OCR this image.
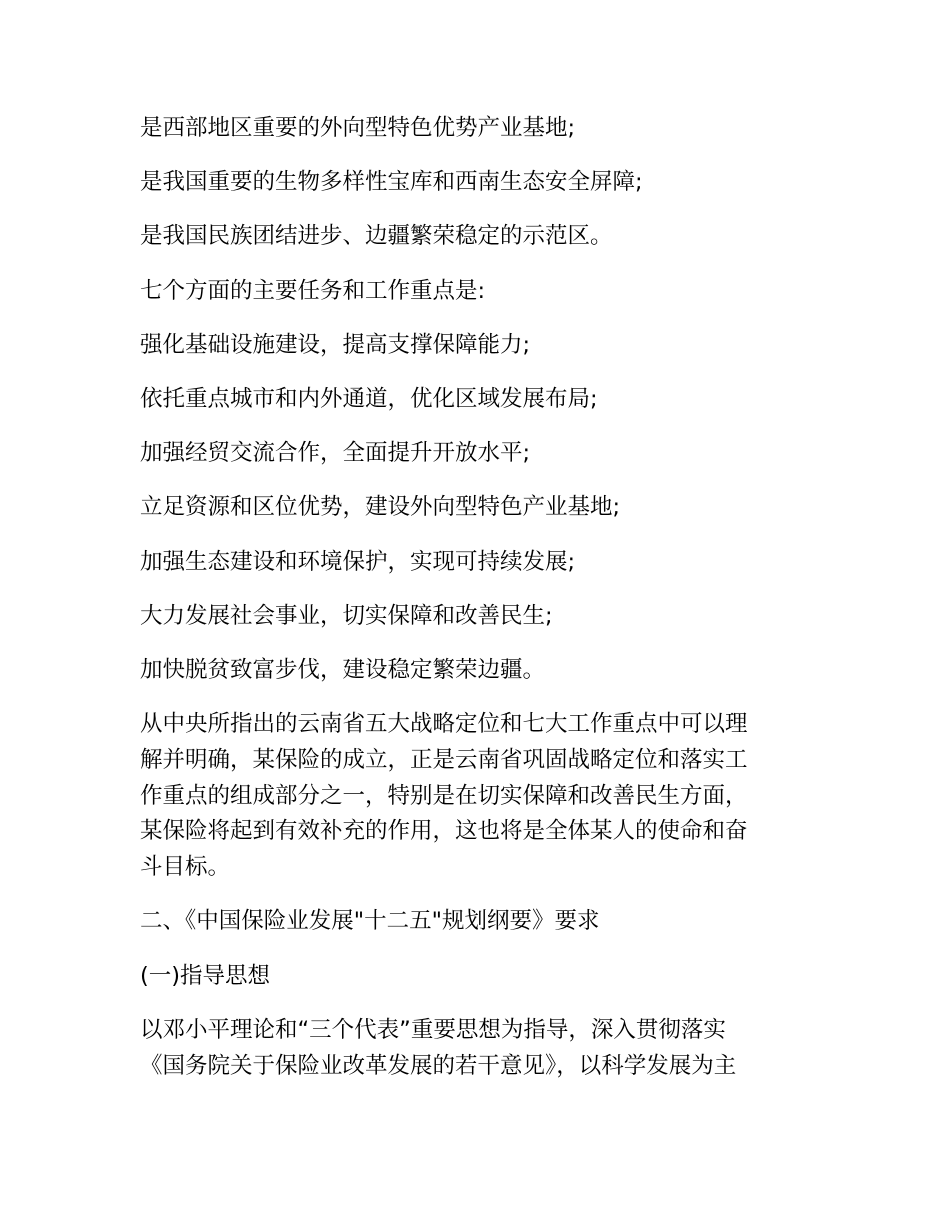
是西部地区重要的外向型特色优势产业基地;

是我国重要的生物多样性宝库和西南生态安全屏障;

是我国民族团结进步、边疆繁荣稳定的示范区。

七个方面的主要任务和工作重点是:

强化基础设施建设，提高支撑保障能力;

依托重点城市和内外通道，优化区域发展布局;

加强经贸交流合作，全面提升开放水平;

立足资源和区位优势，建设外向型特色产业基地;

加强生态建设和环境保护，实现可持续发展;

大力发展社会事业，切实保障和改善民生;

加快脱贫致富步伐，建设稳定繁荣边疆。

从中央所指出的云南省五大战略定位和七大工作重点中可以理
解并明确，某保险的成立，正是云南省巩固战略定位和落实工
作重点的组成部分之一，特别是在切实保障和改善民生方面，
某保险将起到有效补充的作用，这也将是全体某人的使命和奋
斗目标。

二、《中国保险业发展"十二五"规划纲要》要求

(一)指导思想

以邓小平理论和“三个代表”重要思想为指导，深入贯彻落实
《国务院关于保险业改革发展的若干意见》，以科学发展为主
